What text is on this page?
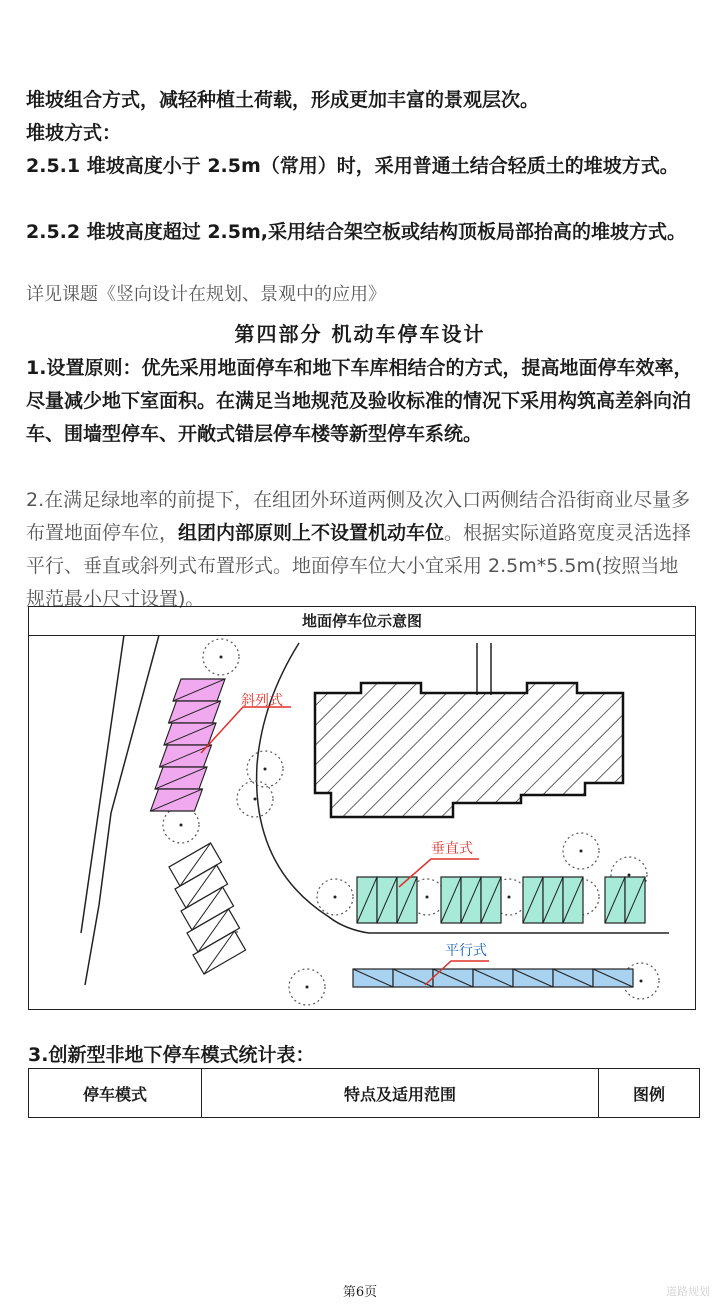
堆坡组合方式，减轻种植土荷载，形成更加丰富的景观层次。

堆坡方式：

2.5.1 堆坡高度小于 2.5m（常用）时，采用普通土结合轻质土的堆坡方式。

2.5.2 堆坡高度超过 2.5m,采用结合架空板或结构顶板局部抬高的堆坡方式。

详见课题《竖向设计在规划、景观中的应用》

第四部分 机动车停车设计

1.设置原则：优先采用地面停车和地下车库相结合的方式，提高地面停车效率，尽量减少地下室面积。在满足当地规范及验收标准的情况下采用构筑高差斜向泊车、围墙型停车、开敞式错层停车楼等新型停车系统。

2.在满足绿地率的前提下，在组团外环道两侧及次入口两侧结合沿街商业尽量多布置地面停车位，组团内部原则上不设置机动车位。根据实际道路宽度灵活选择平行、垂直或斜列式布置形式。地面停车位大小宜采用 2.5m*5.5m(按照当地规范最小尺寸设置)。

地面停车位示意图
斜列式
垂直式
平行式
3.创新型非地下停车模式统计表：
停车模式	特点及适用范围	图例
第6页	道路规划
